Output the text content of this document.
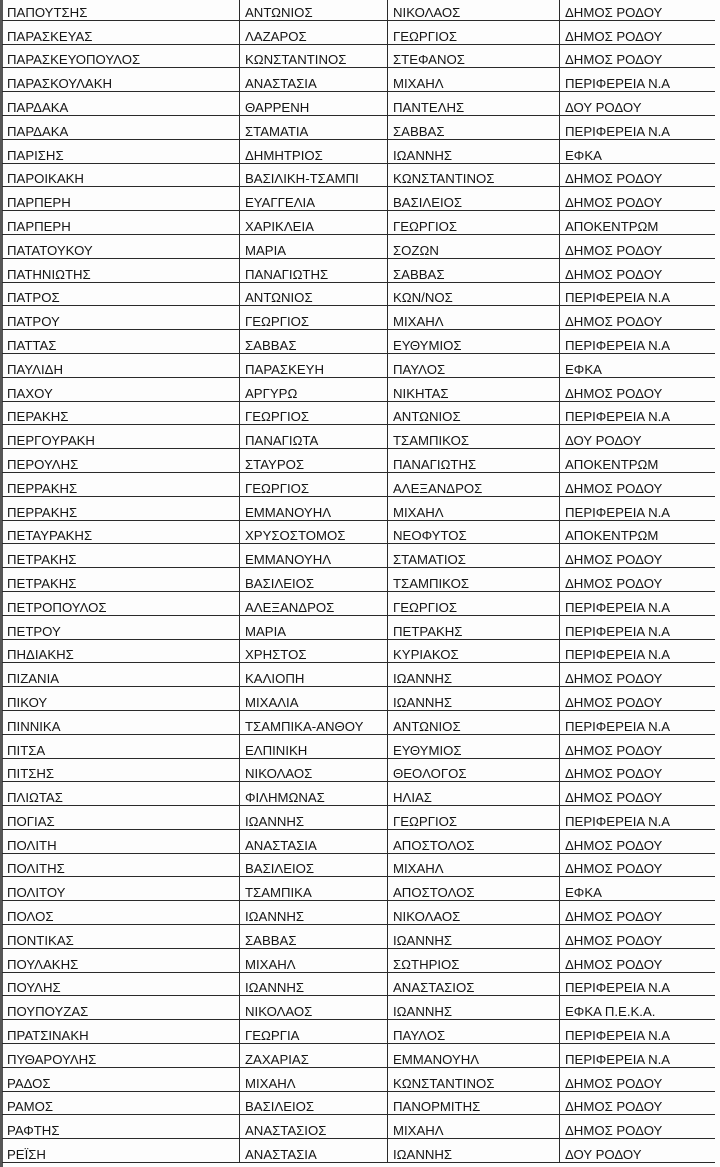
ΠΑΠΟΥΤΣΗΣ	ΑΝΤΩΝΙΟΣ	ΝΙΚΟΛΑΟΣ	ΔΗΜΟΣ ΡΟΔΟΥ
ΠΑΡΑΣΚΕΥΑΣ	ΛΑΖΑΡΟΣ	ΓΕΩΡΓΙΟΣ	ΔΗΜΟΣ ΡΟΔΟΥ
ΠΑΡΑΣΚΕΥΟΠΟΥΛΟΣ	ΚΩΝΣΤΑΝΤΙΝΟΣ	ΣΤΕΦΑΝΟΣ	ΔΗΜΟΣ ΡΟΔΟΥ
ΠΑΡΑΣΚΟΥΛΑΚΗ	ΑΝΑΣΤΑΣΙΑ	ΜΙΧΑΗΛ	ΠΕΡΙΦΕΡΕΙΑ Ν.Α
ΠΑΡΔΑΚΑ	ΘΑΡΡΕΝΗ	ΠΑΝΤΕΛΗΣ	ΔΟΥ ΡΟΔΟΥ
ΠΑΡΔΑΚΑ	ΣΤΑΜΑΤΙΑ	ΣΑΒΒΑΣ	ΠΕΡΙΦΕΡΕΙΑ Ν.Α
ΠΑΡΙΣΗΣ	ΔΗΜΗΤΡΙΟΣ	ΙΩΑΝΝΗΣ	ΕΦΚΑ
ΠΑΡΟΙΚΑΚΗ	ΒΑΣΙΛΙΚΗ-ΤΣΑΜΠΙ	ΚΩΝΣΤΑΝΤΙΝΟΣ	ΔΗΜΟΣ ΡΟΔΟΥ
ΠΑΡΠΕΡΗ	ΕΥΑΓΓΕΛΙΑ	ΒΑΣΙΛΕΙΟΣ	ΔΗΜΟΣ ΡΟΔΟΥ
ΠΑΡΠΕΡΗ	ΧΑΡΙΚΛΕΙΑ	ΓΕΩΡΓΙΟΣ	ΑΠΟΚΕΝΤΡΩΜ
ΠΑΤΑΤΟΥΚΟΥ	ΜΑΡΙΑ	ΣΟΖΩΝ	ΔΗΜΟΣ ΡΟΔΟΥ
ΠΑΤΗΝΙΩΤΗΣ	ΠΑΝΑΓΙΩΤΗΣ	ΣΑΒΒΑΣ	ΔΗΜΟΣ ΡΟΔΟΥ
ΠΑΤΡΟΣ	ΑΝΤΩΝΙΟΣ	ΚΩΝ/ΝΟΣ	ΠΕΡΙΦΕΡΕΙΑ Ν.Α
ΠΑΤΡΟΥ	ΓΕΩΡΓΙΟΣ	ΜΙΧΑΗΛ	ΔΗΜΟΣ ΡΟΔΟΥ
ΠΑΤΤΑΣ	ΣΑΒΒΑΣ	ΕΥΘΥΜΙΟΣ	ΠΕΡΙΦΕΡΕΙΑ Ν.Α
ΠΑΥΛΙΔΗ	ΠΑΡΑΣΚΕΥΗ	ΠΑΥΛΟΣ	ΕΦΚΑ
ΠΑΧΟΥ	ΑΡΓΥΡΩ	ΝΙΚΗΤΑΣ	ΔΗΜΟΣ ΡΟΔΟΥ
ΠΕΡΑΚΗΣ	ΓΕΩΡΓΙΟΣ	ΑΝΤΩΝΙΟΣ	ΠΕΡΙΦΕΡΕΙΑ Ν.Α
ΠΕΡΓΟΥΡΑΚΗ	ΠΑΝΑΓΙΩΤΑ	ΤΣΑΜΠΙΚΟΣ	ΔΟΥ ΡΟΔΟΥ
ΠΕΡΟΥΛΗΣ	ΣΤΑΥΡΟΣ	ΠΑΝΑΓΙΩΤΗΣ	ΑΠΟΚΕΝΤΡΩΜ
ΠΕΡΡΑΚΗΣ	ΓΕΩΡΓΙΟΣ	ΑΛΕΞΑΝΔΡΟΣ	ΔΗΜΟΣ ΡΟΔΟΥ
ΠΕΡΡΑΚΗΣ	ΕΜΜΑΝΟΥΗΛ	ΜΙΧΑΗΛ	ΠΕΡΙΦΕΡΕΙΑ Ν.Α
ΠΕΤΑΥΡΑΚΗΣ	ΧΡΥΣΟΣΤΟΜΟΣ	ΝΕΟΦΥΤΟΣ	ΑΠΟΚΕΝΤΡΩΜ
ΠΕΤΡΑΚΗΣ	ΕΜΜΑΝΟΥΗΛ	ΣΤΑΜΑΤΙΟΣ	ΔΗΜΟΣ ΡΟΔΟΥ
ΠΕΤΡΑΚΗΣ	ΒΑΣΙΛΕΙΟΣ	ΤΣΑΜΠΙΚΟΣ	ΔΗΜΟΣ ΡΟΔΟΥ
ΠΕΤΡΟΠΟΥΛΟΣ	ΑΛΕΞΑΝΔΡΟΣ	ΓΕΩΡΓΙΟΣ	ΠΕΡΙΦΕΡΕΙΑ Ν.Α
ΠΕΤΡΟΥ	ΜΑΡΙΑ	ΠΕΤΡΑΚΗΣ	ΠΕΡΙΦΕΡΕΙΑ Ν.Α
ΠΗΔΙΑΚΗΣ	ΧΡΗΣΤΟΣ	ΚΥΡΙΑΚΟΣ	ΠΕΡΙΦΕΡΕΙΑ Ν.Α
ΠΙΖΑΝΙΑ	ΚΑΛΙΟΠΗ	ΙΩΑΝΝΗΣ	ΔΗΜΟΣ ΡΟΔΟΥ
ΠΙΚΟΥ	ΜΙΧΑΛΙΑ	ΙΩΑΝΝΗΣ	ΔΗΜΟΣ ΡΟΔΟΥ
ΠΙΝΝΙΚΑ	ΤΣΑΜΠΙΚΑ-ΑΝΘΟΥ	ΑΝΤΩΝΙΟΣ	ΠΕΡΙΦΕΡΕΙΑ Ν.Α
ΠΙΤΣΑ	ΕΛΠΙΝΙΚΗ	ΕΥΘΥΜΙΟΣ	ΔΗΜΟΣ ΡΟΔΟΥ
ΠΙΤΣΗΣ	ΝΙΚΟΛΑΟΣ	ΘΕΟΛΟΓΟΣ	ΔΗΜΟΣ ΡΟΔΟΥ
ΠΛΙΩΤΑΣ	ΦΙΛΗΜΩΝΑΣ	ΗΛΙΑΣ	ΔΗΜΟΣ ΡΟΔΟΥ
ΠΟΓΙΑΣ	ΙΩΑΝΝΗΣ	ΓΕΩΡΓΙΟΣ	ΠΕΡΙΦΕΡΕΙΑ Ν.Α
ΠΟΛΙΤΗ	ΑΝΑΣΤΑΣΙΑ	ΑΠΟΣΤΟΛΟΣ	ΔΗΜΟΣ ΡΟΔΟΥ
ΠΟΛΙΤΗΣ	ΒΑΣΙΛΕΙΟΣ	ΜΙΧΑΗΛ	ΔΗΜΟΣ ΡΟΔΟΥ
ΠΟΛΙΤΟΥ	ΤΣΑΜΠΙΚΑ	ΑΠΟΣΤΟΛΟΣ	ΕΦΚΑ
ΠΟΛΟΣ	ΙΩΑΝΝΗΣ	ΝΙΚΟΛΑΟΣ	ΔΗΜΟΣ ΡΟΔΟΥ
ΠΟΝΤΙΚΑΣ	ΣΑΒΒΑΣ	ΙΩΑΝΝΗΣ	ΔΗΜΟΣ ΡΟΔΟΥ
ΠΟΥΛΑΚΗΣ	ΜΙΧΑΗΛ	ΣΩΤΗΡΙΟΣ	ΔΗΜΟΣ ΡΟΔΟΥ
ΠΟΥΛΗΣ	ΙΩΑΝΝΗΣ	ΑΝΑΣΤΑΣΙΟΣ	ΠΕΡΙΦΕΡΕΙΑ Ν.Α
ΠΟΥΠΟΥΖΑΣ	ΝΙΚΟΛΑΟΣ	ΙΩΑΝΝΗΣ	ΕΦΚΑ Π.Ε.Κ.Α.
ΠΡΑΤΣΙΝΑΚΗ	ΓΕΩΡΓΙΑ	ΠΑΥΛΟΣ	ΠΕΡΙΦΕΡΕΙΑ Ν.Α
ΠΥΘΑΡΟΥΛΗΣ	ΖΑΧΑΡΙΑΣ	ΕΜΜΑΝΟΥΗΛ	ΠΕΡΙΦΕΡΕΙΑ Ν.Α
ΡΑΔΟΣ	ΜΙΧΑΗΛ	ΚΩΝΣΤΑΝΤΙΝΟΣ	ΔΗΜΟΣ ΡΟΔΟΥ
ΡΑΜΟΣ	ΒΑΣΙΛΕΙΟΣ	ΠΑΝΟΡΜΙΤΗΣ	ΔΗΜΟΣ ΡΟΔΟΥ
ΡΑΦΤΗΣ	ΑΝΑΣΤΑΣΙΟΣ	ΜΙΧΑΗΛ	ΔΗΜΟΣ ΡΟΔΟΥ
ΡΕΪΣΗ	ΑΝΑΣΤΑΣΙΑ	ΙΩΑΝΝΗΣ	ΔΟΥ ΡΟΔΟΥ
